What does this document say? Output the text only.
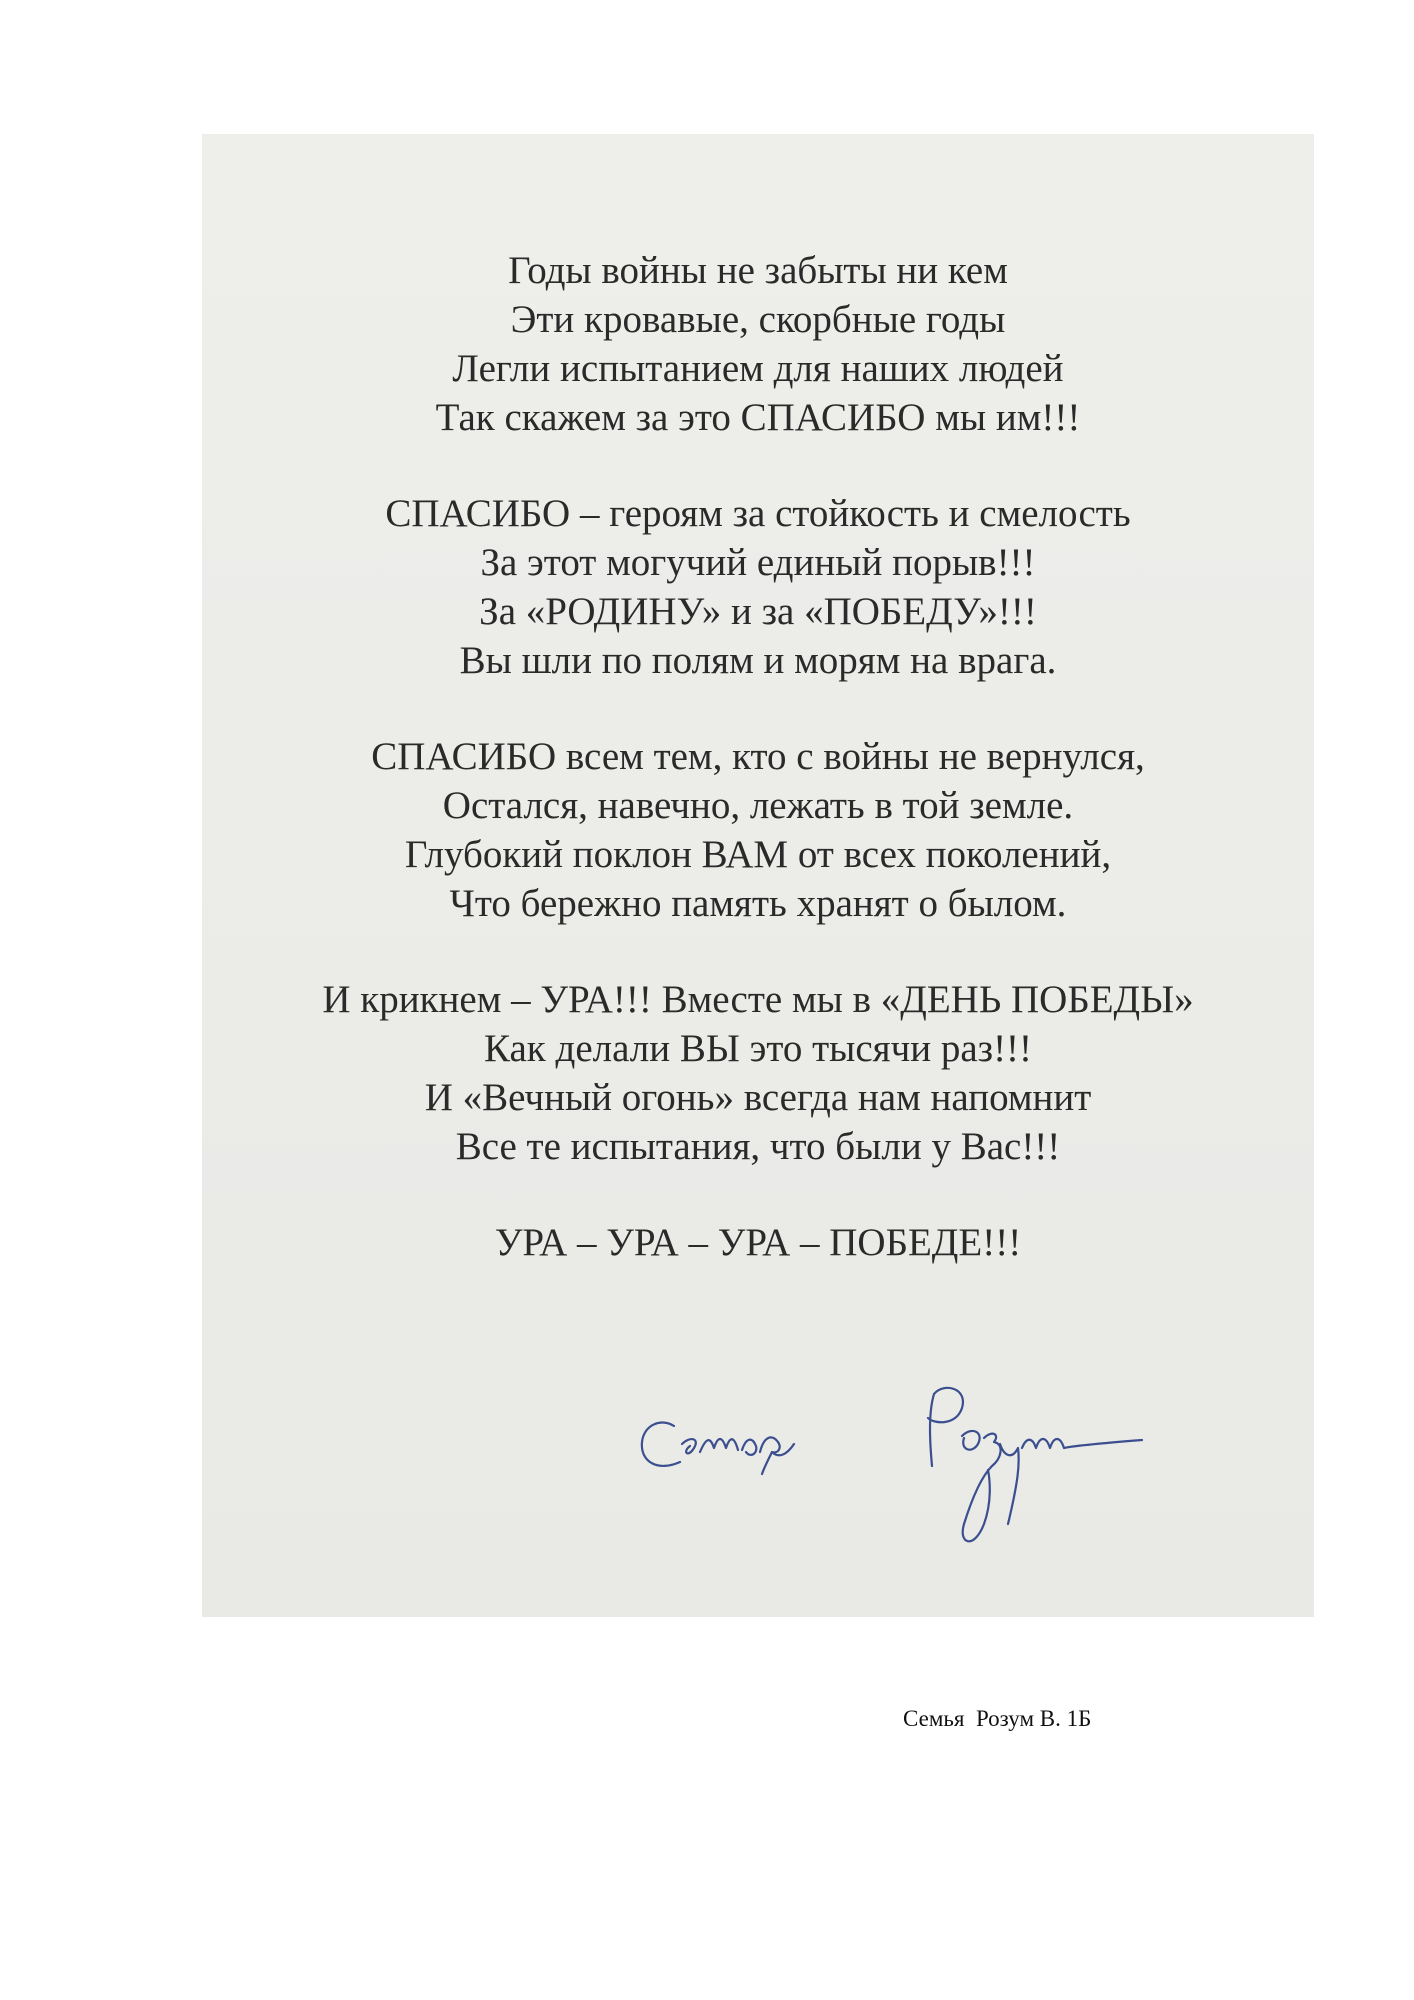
Годы войны не забыты ни кем
Эти кровавые, скорбные годы
Легли испытанием для наших людей
Так скажем за это СПАСИБО мы им!!!
СПАСИБО – героям за стойкость и смелость
За этот могучий единый порыв!!!
За «РОДИНУ» и за «ПОБЕДУ»!!!
Вы шли по полям и морям на врага.
СПАСИБО всем тем, кто с войны не вернулся,
Остался, навечно, лежать в той земле.
Глубокий поклон ВАМ от всех поколений,
Что бережно память хранят о былом.
И крикнем – УРА!!! Вместе мы в «ДЕНЬ ПОБЕДЫ»
Как делали ВЫ это тысячи раз!!!
И «Вечный огонь» всегда нам напомнит
Все те испытания, что были у Вас!!!
УРА – УРА – УРА – ПОБЕДЕ!!!
Семья  Розум В. 1Б
